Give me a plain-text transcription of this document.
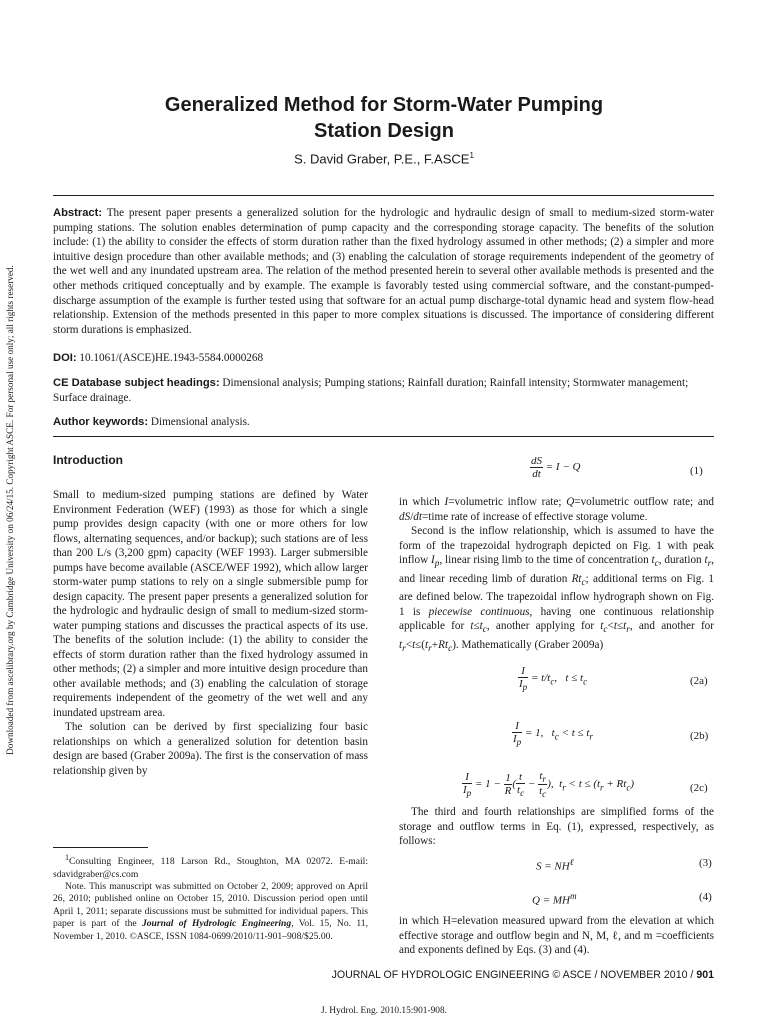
Downloaded from ascelibrary.org by Cambridge University on 06/24/15. Copyright ASCE. For personal use only; all rights reserved.
Generalized Method for Storm-Water Pumping
Station Design
S. David Graber, P.E., F.ASCE$^1$

Abstract: The present paper presents a generalized solution for the hydrologic and hydraulic design of small to medium-sized storm-water pumping stations. The solution enables determination of pump capacity and the corresponding storage capacity. The benefits of the solution include: (1) the ability to consider the effects of storm duration rather than the fixed hydrology assumed in other methods; (2) a simpler and more intuitive design procedure than other available methods; and (3) enabling the calculation of storage requirements independent of the geometry of the wet well and any inundated upstream area. The relation of the method presented herein to several other available methods is presented and the other methods critiqued conceptually and by example. The example is favorably tested using commercial software, and the constant-pumped-discharge assumption of the example is further tested using that software for an actual pump discharge-total dynamic head and system flow-head relationship. Extension of the methods presented in this paper to more complex situations is discussed. The importance of considering different storm durations is emphasized.

DOI: 10.1061/(ASCE)HE.1943-5584.0000268

CE Database subject headings: Dimensional analysis; Pumping stations; Rainfall duration; Rainfall intensity; Stormwater management; Surface drainage.

Author keywords: Dimensional analysis.

Introduction

Small to medium-sized pumping stations are defined by Water Environment Federation (WEF) (1993) as those for which a single pump provides design capacity (with one or more others for low flows, alternating sequences, and/or backup); such stations are of less than 200 L/s (3,200 gpm) capacity (WEF 1993). Larger submersible pumps have become available (ASCE/WEF 1992), which allow larger storm-water pump stations to rely on a single submersible pump for design capacity. The present paper presents a generalized solution for the hydrologic and hydraulic design of small to medium-sized storm-water pumping stations and discusses the practical aspects of its use. The benefits of the solution include: (1) the ability to consider the effects of storm duration rather than the fixed hydrology assumed in other methods; (2) a simpler and more intuitive design procedure than other available methods; and (3) enabling the calculation of storage requirements independent of the geometry of the wet well and any inundated upstream area.

The solution can be derived by first specializing four basic relationships on which a generalized solution for detention basin design are based (Graber 2009a). The first is the conservation of mass relationship given by

$\frac{dS}{dt} = I - Q$	(1)

in which I=volumetric inflow rate; Q=volumetric outflow rate; and dS/dt=time rate of increase of effective storage volume.

Second is the inflow relationship, which is assumed to have the form of the trapezoidal hydrograph depicted on Fig. 1 with peak inflow $I_p$, linear rising limb to the time of concentration $t_c$, duration $t_r$, and linear receding limb of duration $Rt_c$; additional terms on Fig. 1 are defined below. The trapezoidal inflow hydrograph shown on Fig. 1 is piecewise continuous, having one continuous relationship applicable for $t\le t_c$, another applying for $t_c<t\le t_r$, and another for $t_r<t\le(t_r+Rt_c)$. Mathematically (Graber 2009a)

$\frac{I}{I_p} = t/t_c$,   $t \le t_c$	(2a)
$\frac{I}{I_p} = 1$,   $t_c < t \le t_r$	(2b)
$\frac{I}{I_p} = 1 - \frac{1}{R}$ ( $\frac{t}{t_c} - \frac{t_r}{t_c}$ ),  $t_r < t \le (t_r + Rt_c)$	(2c)

The third and fourth relationships are simplified forms of the storage and outflow terms in Eq. (1), expressed, respectively, as follows:

$S = NH^\ell$	(3)
$Q = MH^m$	(4)

in which H=elevation measured upward from the elevation at which effective storage and outflow begin and N, M, ℓ, and m =coefficients and exponents defined by Eqs. (3) and (4).

$^1$Consulting Engineer, 118 Larson Rd., Stoughton, MA 02072. E-mail: sdavidgraber@cs.com

Note. This manuscript was submitted on October 2, 2009; approved on April 26, 2010; published online on October 15, 2010. Discussion period open until April 1, 2011; separate discussions must be submitted for individual papers. This paper is part of the Journal of Hydrologic Engineering, Vol. 15, No. 11, November 1, 2010. ©ASCE, ISSN 1084-0699/2010/11-901–908/$25.00.

JOURNAL OF HYDROLOGIC ENGINEERING © ASCE / NOVEMBER 2010 / 901
J. Hydrol. Eng. 2010.15:901-908.
